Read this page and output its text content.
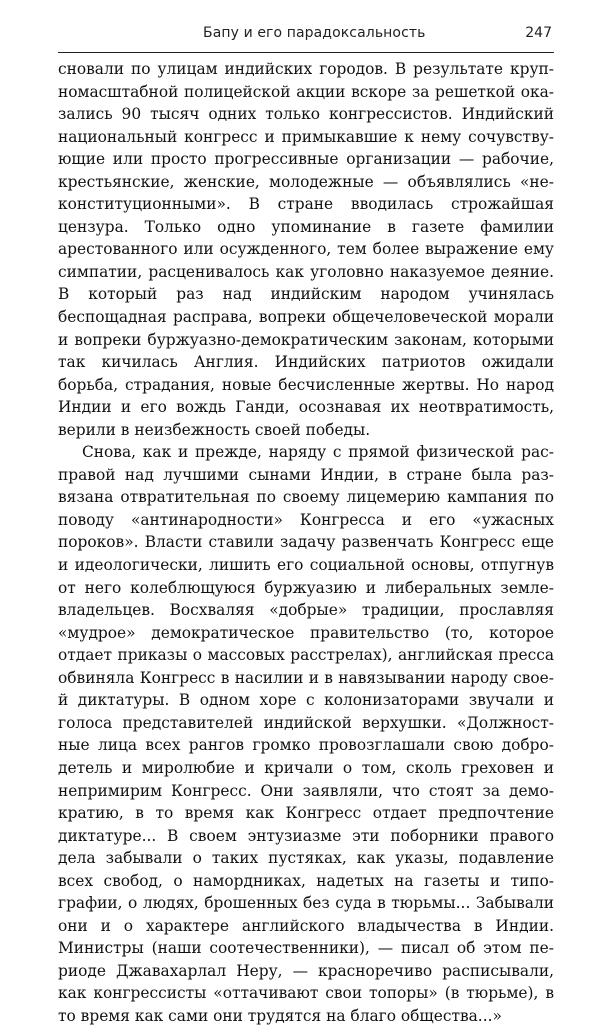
Бапу и его парадоксальность	247

сновали по улицам индийских городов. В результате крупномасштабной полицейской акции вскоре за решеткой оказались 90 тысяч одних только конгрессистов. Индийский национальный конгресс и примыкавшие к нему сочувствующие или просто прогрессивные организации — рабочие, крестьянские, женские, молодежные — объявлялись «неконституционными». В стране вводилась строжайшая цензура. Только одно упоминание в газете фамилии арестованного или осужденного, тем более выражение ему симпатии, расценивалось как уголовно наказуемое деяние. В который раз над индийским народом учинялась беспощадная расправа, вопреки общечеловеческой морали и вопреки буржуазно-демократическим законам, которыми так кичилась Англия. Индийских патриотов ожидали борьба, страдания, новые бесчисленные жертвы. Но народ Индии и его вождь Ганди, осознавая их неотвратимость, верили в неизбежность своей победы.

Снова, как и прежде, наряду с прямой физической расправой над лучшими сынами Индии, в стране была развязана отвратительная по своему лицемерию кампания по поводу «антинародности» Конгресса и его «ужасных пороков». Власти ставили задачу развенчать Конгресс еще и идеологически, лишить его социальной основы, отпугнув от него колеблющуюся буржуазию и либеральных землевладельцев. Восхваляя «добрые» традиции, прославляя «мудрое» демократическое правительство (то, которое отдает приказы о массовых расстрелах), английская пресса обвиняла Конгресс в насилии и в навязывании народу своей диктатуры. В одном хоре с колонизаторами звучали и голоса представителей индийской верхушки. «Должностные лица всех рангов громко провозглашали свою добродетель и миролюбие и кричали о том, сколь греховен и непримирим Конгресс. Они заявляли, что стоят за демократию, в то время как Конгресс отдает предпочтение диктатуре... В своем энтузиазме эти поборники правого дела забывали о таких пустяках, как указы, подавление всех свобод, о намордниках, надетых на газеты и типографии, о людях, брошенных без суда в тюрьмы... Забывали они и о характере английского владычества в Индии. Министры (наши соотечественники), — писал об этом периоде Джавахарлал Неру, — красноречиво расписывали, как конгрессисты «оттачивают свои топоры» (в тюрьме), в то время как сами они трудятся на благо общества...»
